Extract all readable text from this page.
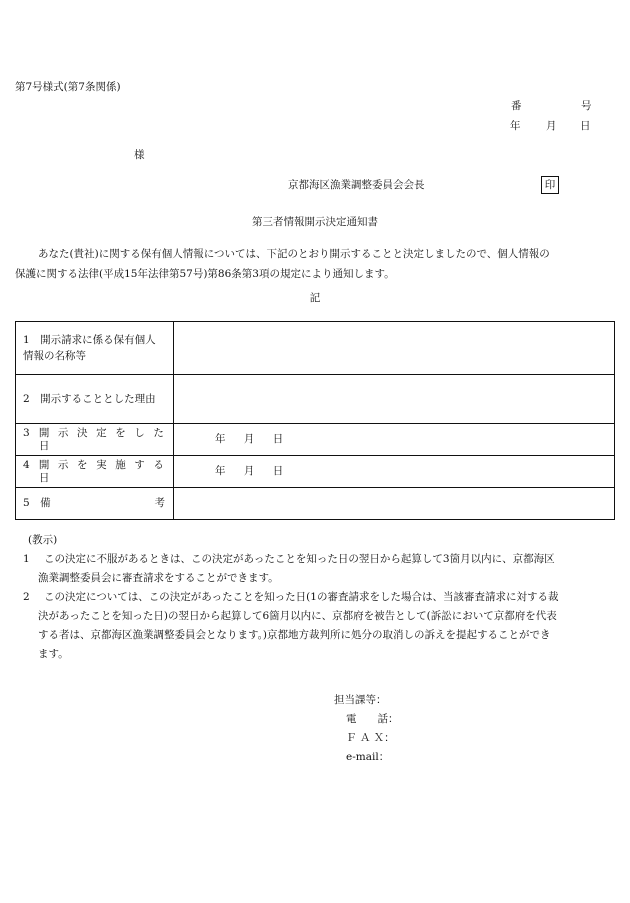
第7号様式(第7条関係)
番	号
年 月 日
様
京都海区漁業調整委員会会長	印
第三者情報開示決定通知書

あなた(貴社)に関する保有個人情報については、下記のとおり開示することと決定しましたので、個人情報の

保護に関する法律(平成15年法律第57号)第86条第3項の規定により通知します。

記
1　開示請求に係る保有個人
情報の名称等	

2　開示することとした理由	

3 開示決定をした日	年 月 日

4 開示を実施する日	年 月 日

5　備 考	

(教示)
1	この決定に不服があるときは、この決定があったことを知った日の翌日から起算して3箇月以内に、京都海区
漁業調整委員会に審査請求をすることができます。
2	この決定については、この決定があったことを知った日(1の審査請求をした場合は、当該審査請求に対する裁
決があったことを知った日)の翌日から起算して6箇月以内に、京都府を被告として(訴訟において京都府を代表
する者は、京都海区漁業調整委員会となります。)京都地方裁判所に処分の取消しの訴えを提起することができ
ます。
担当課等：
電　　話：
Ｆ Ａ Ｘ：
e-mail：
